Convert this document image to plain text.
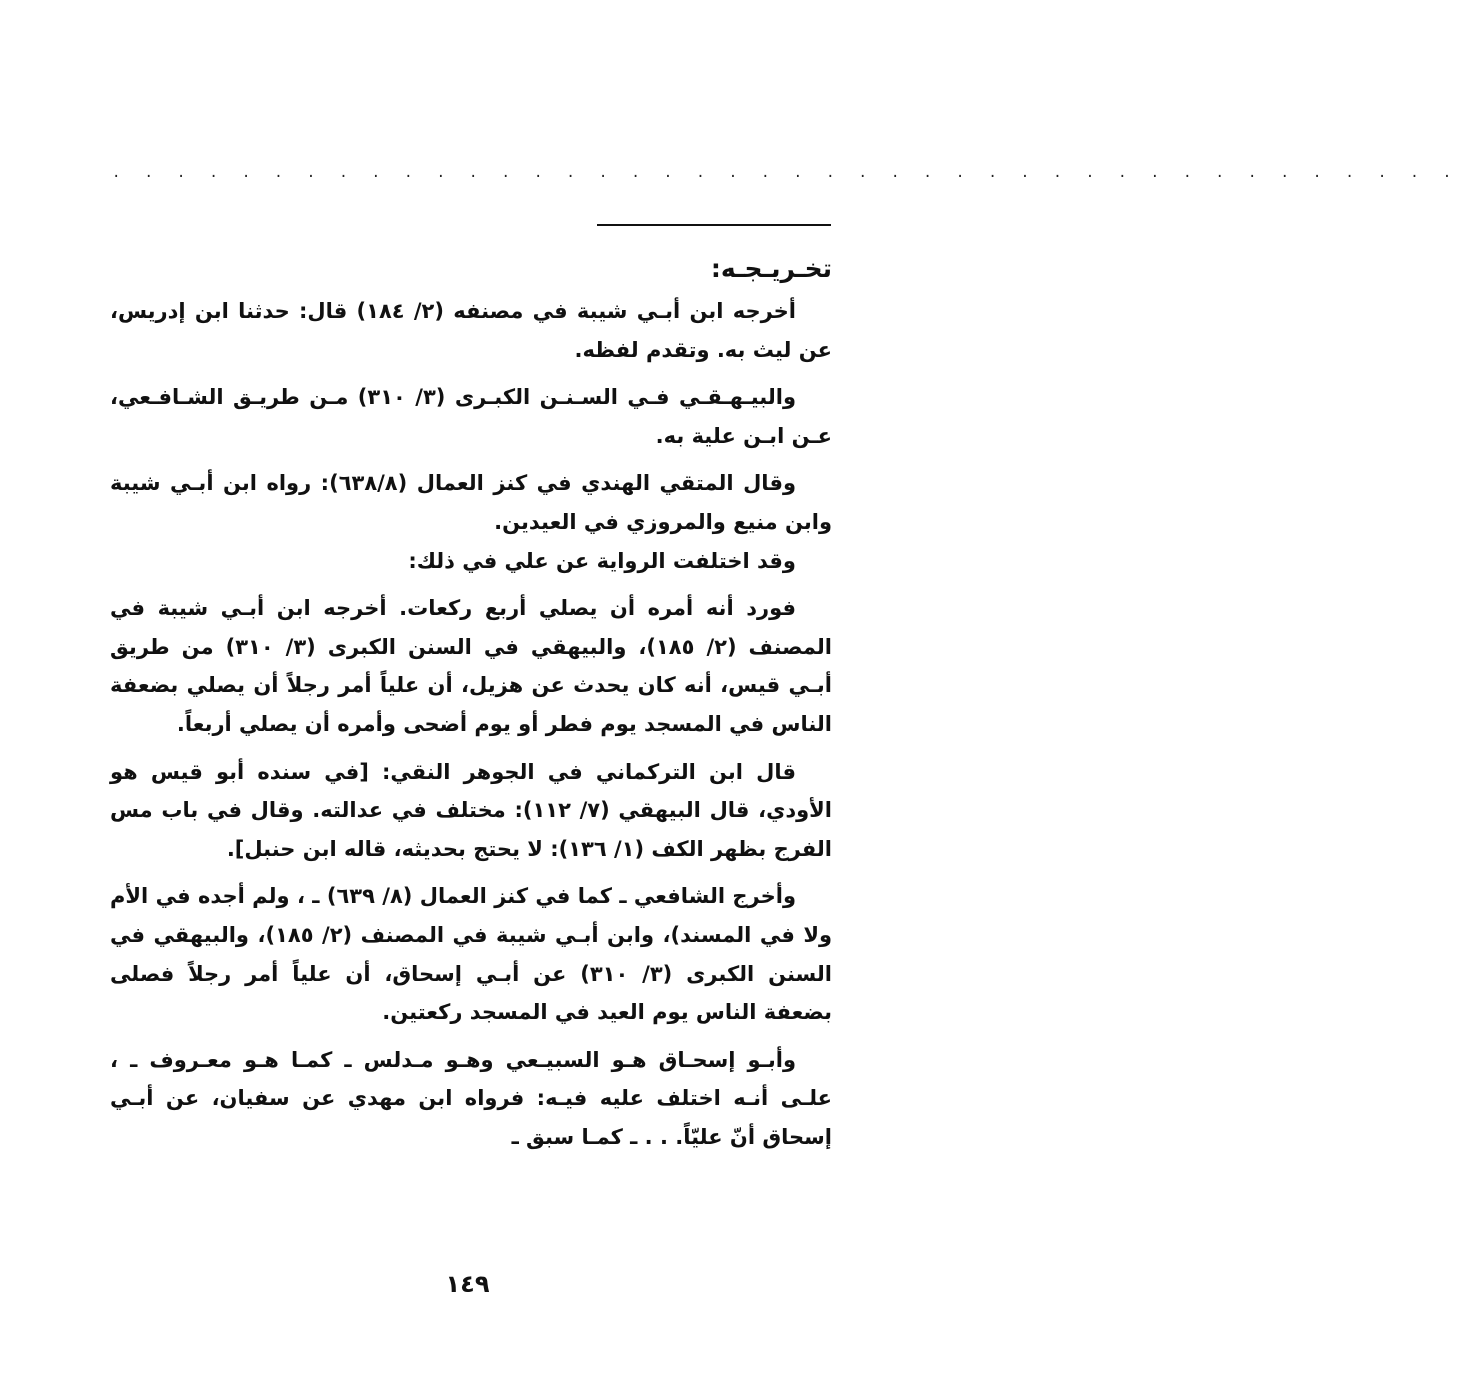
. . . . . . . . . . . . . . . . . . . . . . . . . . . . . . . . . . . . . . . . . .
تخـريـجـه:

أخرجه ابن أبـي شيبة في مصنفه (٢/ ١٨٤) قال: حدثنا ابن إدريس، عن ليث به. وتقدم لفظه.

والبيـهـقـي فـي السـنـن الكبـرى (٣/ ٣١٠) مـن طريـق الشـافـعي، عـن ابـن علية به.

وقال المتقي الهندي في كنز العمال (٦٣٨/٨): رواه ابن أبـي شيبة وابن منيع والمروزي في العيدين.

وقد اختلفت الرواية عن علي في ذلك:

فورد أنه أمره أن يصلي أربع ركعات. أخرجه ابن أبـي شيبة في المصنف (٢/ ١٨٥)، والبيهقي في السنن الكبرى (٣/ ٣١٠) من طريق أبـي قيس، أنه كان يحدث عن هزيل، أن علياً أمر رجلاً أن يصلي بضعفة الناس في المسجد يوم فطر أو يوم أضحى وأمره أن يصلي أربعاً.

قال ابن التركماني في الجوهر النقي: [في سنده أبو قيس هو الأودي، قال البيهقي (٧/ ١١٢): مختلف في عدالته. وقال في باب مس الفرج بظهر الكف (١/ ١٣٦): لا يحتج بحديثه، قاله ابن حنبل].

وأخرج الشافعي ـ كما في كنز العمال (٨/ ٦٣٩) ـ ، ولم أجده في الأم ولا في المسند)، وابن أبـي شيبة في المصنف (٢/ ١٨٥)، والبيهقي في السنن الكبرى (٣/ ٣١٠) عن أبـي إسحاق، أن علياً أمر رجلاً فصلى بضعفة الناس يوم العيد في المسجد ركعتين.

وأبـو إسحـاق هـو السبيـعي وهـو مـدلس ـ كمـا هـو معـروف ـ ، علـى أنـه اختلف عليه فيـه: فرواه ابن مهدي عن سفيان، عن أبـي إسحاق أنّ عليّاً. . . ـ كمـا سبق ـ

١٤٩
